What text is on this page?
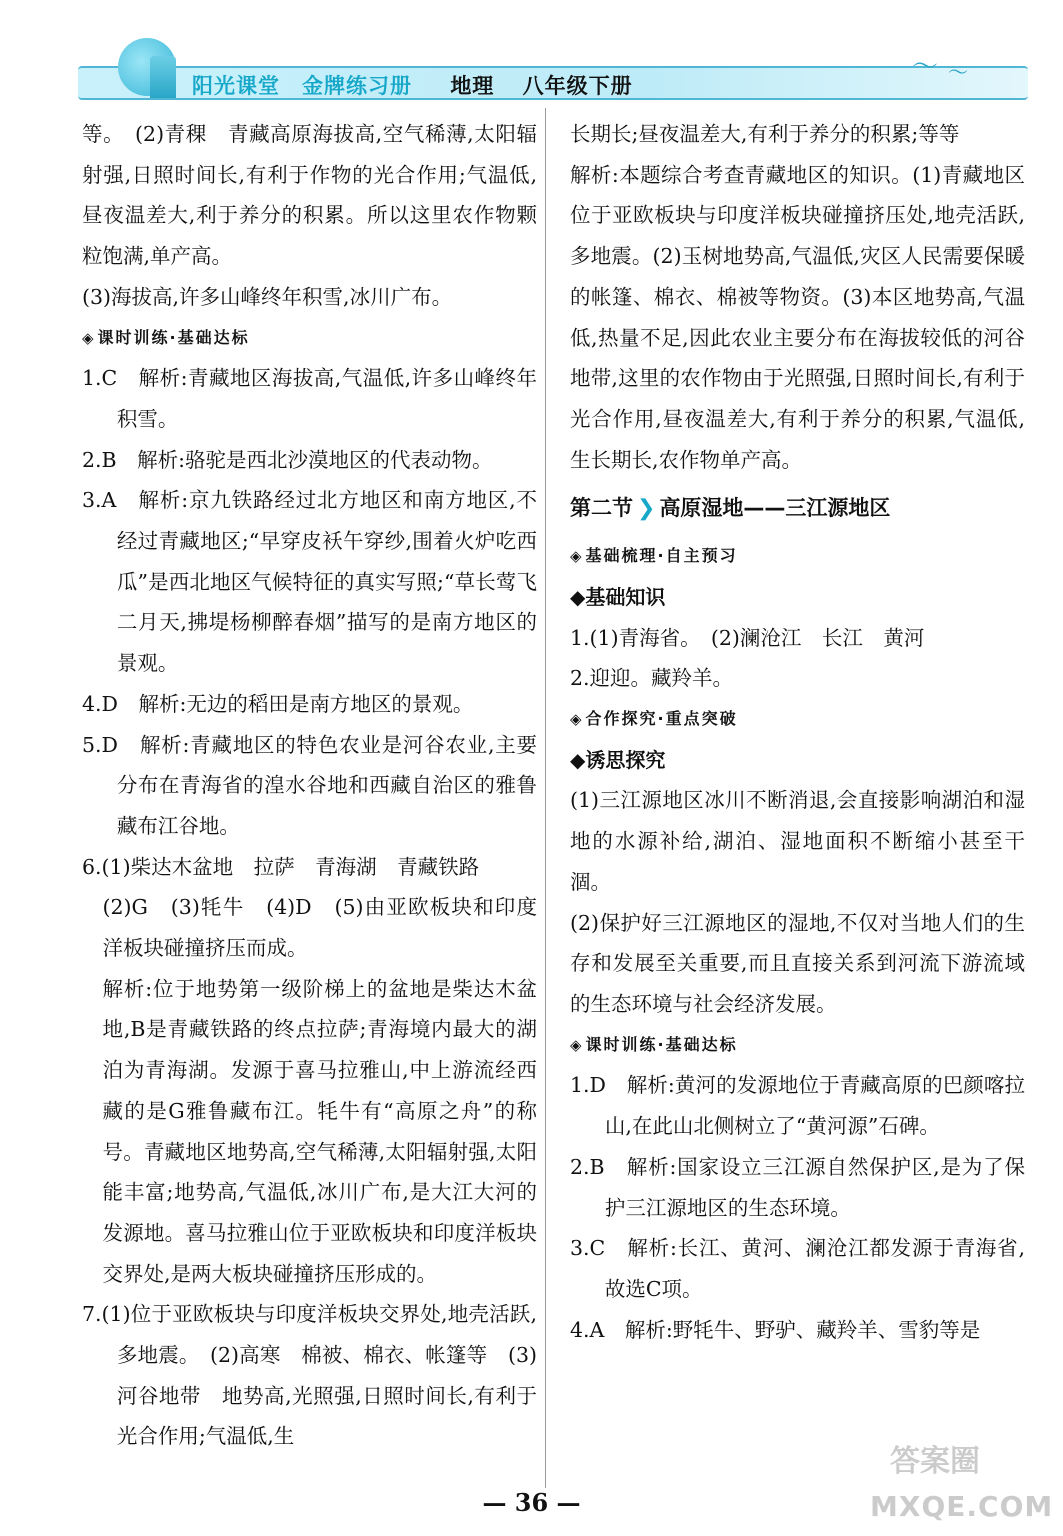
〜 〜
阳光课堂　金牌练习册 地理 八年级下册

等。　(2)青稞　青藏高原海拔高,空气稀薄,太阳辐射强,日照时间长,有利于作物的光合作用;气温低,昼夜温差大,利于养分的积累。所以这里农作物颗粒饱满,单产高。

(3)海拔高,许多山峰终年积雪,冰川广布。

◈ 课时训练·基础达标

1.C　解析:青藏地区海拔高,气温低,许多山峰终年积雪。

2.B　解析:骆驼是西北沙漠地区的代表动物。

3.A　解析:京九铁路经过北方地区和南方地区,不经过青藏地区;“早穿皮袄午穿纱,围着火炉吃西瓜”是西北地区气候特征的真实写照;“草长莺飞二月天,拂堤杨柳醉春烟”描写的是南方地区的景观。

4.D　解析:无边的稻田是南方地区的景观。

5.D　解析:青藏地区的特色农业是河谷农业,主要分布在青海省的湟水谷地和西藏自治区的雅鲁藏布江谷地。

6.(1)柴达木盆地　拉萨　青海湖　青藏铁路

(2)G　(3)牦牛　(4)D　(5)由亚欧板块和印度洋板块碰撞挤压而成。

解析:位于地势第一级阶梯上的盆地是柴达木盆地,B是青藏铁路的终点拉萨;青海境内最大的湖泊为青海湖。发源于喜马拉雅山,中上游流经西藏的是G雅鲁藏布江。牦牛有“高原之舟”的称号。青藏地区地势高,空气稀薄,太阳辐射强,太阳能丰富;地势高,气温低,冰川广布,是大江大河的发源地。喜马拉雅山位于亚欧板块和印度洋板块交界处,是两大板块碰撞挤压形成的。

7.(1)位于亚欧板块与印度洋板块交界处,地壳活跃,多地震。　(2)高寒　棉被、棉衣、帐篷等　(3)河谷地带　地势高,光照强,日照时间长,有利于光合作用;气温低,生

长期长;昼夜温差大,有利于养分的积累;等等

解析:本题综合考查青藏地区的知识。(1)青藏地区位于亚欧板块与印度洋板块碰撞挤压处,地壳活跃,多地震。(2)玉树地势高,气温低,灾区人民需要保暖的帐篷、棉衣、棉被等物资。(3)本区地势高,气温低,热量不足,因此农业主要分布在海拔较低的河谷地带,这里的农作物由于光照强,日照时间长,有利于光合作用,昼夜温差大,有利于养分的积累,气温低,生长期长,农作物单产高。

第二节 ❯ 高原湿地——三江源地区
◈ 基础梳理·自主预习
◆基础知识

1.(1)青海省。　(2)澜沧江　长江　黄河

2.迎迎。藏羚羊。

◈ 合作探究·重点突破
◆诱思探究

(1)三江源地区冰川不断消退,会直接影响湖泊和湿地的水源补给,湖泊、湿地面积不断缩小甚至干涸。

(2)保护好三江源地区的湿地,不仅对当地人们的生存和发展至关重要,而且直接关系到河流下游流域的生态环境与社会经济发展。

◈ 课时训练·基础达标

1.D　解析:黄河的发源地位于青藏高原的巴颜喀拉山,在此山北侧树立了“黄河源”石碑。

2.B　解析:国家设立三江源自然保护区,是为了保护三江源地区的生态环境。

3.C　解析:长江、黄河、澜沧江都发源于青海省,故选C项。

4.A　解析:野牦牛、野驴、藏羚羊、雪豹等是

— 36 —
答案圈
MXQE.COM
